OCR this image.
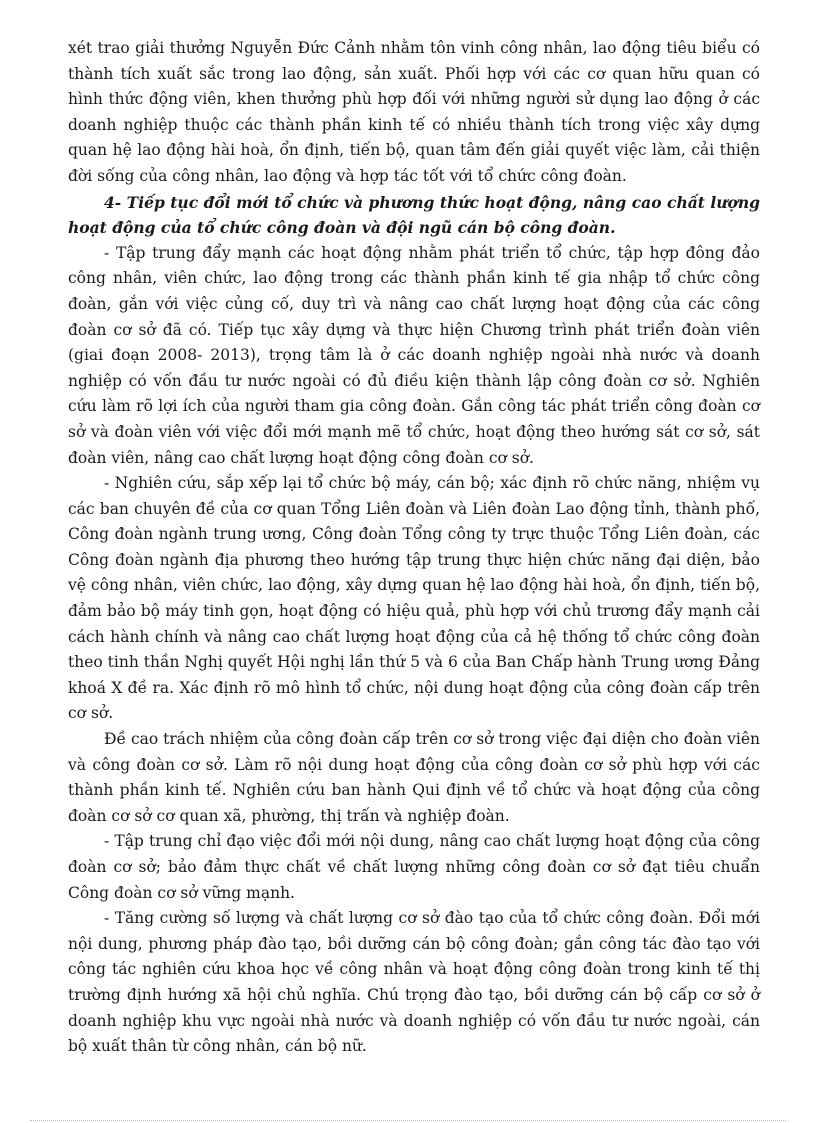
xét trao giải thưởng Nguyễn Đức Cảnh nhằm tôn vinh công nhân, lao động tiêu biểu có thành tích xuất sắc trong lao động, sản xuất. Phối hợp với các cơ quan hữu quan có hình thức động viên, khen thưởng phù hợp đối với những người sử dụng lao động ở các doanh nghiệp thuộc các thành phần kinh tế có nhiều thành tích trong việc xây dựng quan hệ lao động hài hoà, ổn định, tiến bộ, quan tâm đến giải quyết việc làm, cải thiện đời sống của công nhân, lao động và hợp tác tốt với tổ chức công đoàn.

4- Tiếp tục đổi mới tổ chức và phương thức hoạt động, nâng cao chất lượng hoạt động của tổ chức công đoàn và đội ngũ cán bộ công đoàn.

- Tập trung đẩy mạnh các hoạt động nhằm phát triển tổ chức, tập hợp đông đảo công nhân, viên chức, lao động trong các thành phần kinh tế gia nhập tổ chức công đoàn, gắn với việc củng cố, duy trì và nâng cao chất lượng hoạt động của các công đoàn cơ sở đã có. Tiếp tục xây dựng và thực hiện Chương trình phát triển đoàn viên (giai đoạn 2008- 2013), trọng tâm là ở các doanh nghiệp ngoài nhà nước và doanh nghiệp có vốn đầu tư nước ngoài có đủ điều kiện thành lập công đoàn cơ sở. Nghiên cứu làm rõ lợi ích của người tham gia công đoàn. Gắn công tác phát triển công đoàn cơ sở và đoàn viên với việc đổi mới mạnh mẽ tổ chức, hoạt động theo hướng sát cơ sở, sát đoàn viên, nâng cao chất lượng hoạt động công đoàn cơ sở.

- Nghiên cứu, sắp xếp lại tổ chức bộ máy, cán bộ; xác định rõ chức năng, nhiệm vụ các ban chuyên đề của cơ quan Tổng Liên đoàn và Liên đoàn Lao động tỉnh, thành phố, Công đoàn ngành trung ương, Công đoàn Tổng công ty trực thuộc Tổng Liên đoàn, các Công đoàn ngành địa phương theo hướng tập trung thực hiện chức năng đại diện, bảo vệ công nhân, viên chức, lao động, xây dựng quan hệ lao động hài hoà, ổn định, tiến bộ, đảm bảo bộ máy tinh gọn, hoạt động có hiệu quả, phù hợp với chủ trương đẩy mạnh cải cách hành chính và nâng cao chất lượng hoạt động của cả hệ thống tổ chức công đoàn theo tinh thần Nghị quyết Hội nghị lần thứ 5 và 6 của Ban Chấp hành Trung ương Đảng khoá X đề ra. Xác định rõ mô hình tổ chức, nội dung hoạt động của công đoàn cấp trên cơ sở.

Đề cao trách nhiệm của công đoàn cấp trên cơ sở trong việc đại diện cho đoàn viên và công đoàn cơ sở. Làm rõ nội dung hoạt động của công đoàn cơ sở phù hợp với các thành phần kinh tế. Nghiên cứu ban hành Qui định về tổ chức và hoạt động của công đoàn cơ sở cơ quan xã, phường, thị trấn và nghiệp đoàn.

- Tập trung chỉ đạo việc đổi mới nội dung, nâng cao chất lượng hoạt động của công đoàn cơ sở; bảo đảm thực chất về chất lượng những công đoàn cơ sở đạt tiêu chuẩn Công đoàn cơ sở vững mạnh.

- Tăng cường số lượng và chất lượng cơ sở đào tạo của tổ chức công đoàn. Đổi mới nội dung, phương pháp đào tạo, bồi dưỡng cán bộ công đoàn; gắn công tác đào tạo với công tác nghiên cứu khoa học về công nhân và hoạt động công đoàn trong kinh tế thị trường định hướng xã hội chủ nghĩa. Chú trọng đào tạo, bồi dưỡng cán bộ cấp cơ sở ở doanh nghiệp khu vực ngoài nhà nước và doanh nghiệp có vốn đầu tư nước ngoài, cán bộ xuất thân từ công nhân, cán bộ nữ.
